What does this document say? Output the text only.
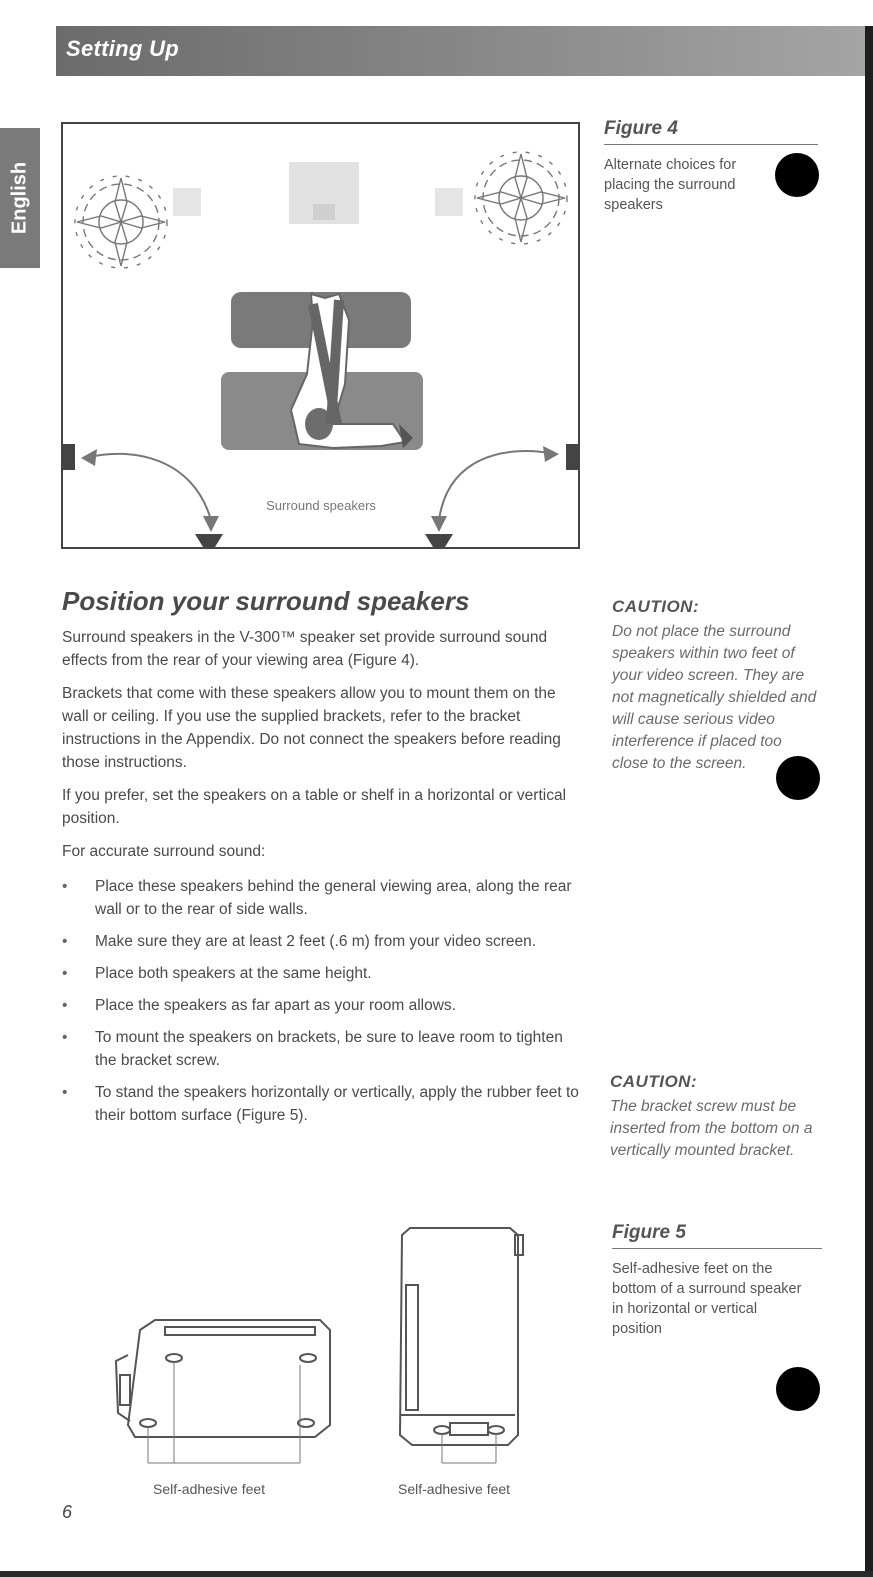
Setting Up
English
Surround speakers
Figure 4
Alternate choices for placing the surround speakers
Position your surround speakers
Surround speakers in the V-300™ speaker set provide surround sound effects from the rear of your viewing area (Figure 4).
Brackets that come with these speakers allow you to mount them on the wall or ceiling. If you use the supplied brackets, refer to the bracket instructions in the Appendix. Do not connect the speakers before reading those instructions.
If you prefer, set the speakers on a table or shelf in a horizontal or vertical position.
For accurate surround sound:
• Place these speakers behind the general viewing area, along the rear wall or to the rear of side walls.
• Make sure they are at least 2 feet (.6 m) from your video screen.
• Place both speakers at the same height.
• Place the speakers as far apart as your room allows.
• To mount the speakers on brackets, be sure to leave room to tighten the bracket screw.
• To stand the speakers horizontally or vertically, apply the rubber feet to their bottom surface (Figure 5).
CAUTION:
Do not place the surround speakers within two feet of your video screen. They are not magnetically shielded and will cause serious video interference if placed too close to the screen.
CAUTION:
The bracket screw must be inserted from the bottom on a vertically mounted bracket.
Figure 5
Self-adhesive feet on the bottom of a surround speaker in horizontal or vertical position
Self-adhesive feet	Self-adhesive feet
6
